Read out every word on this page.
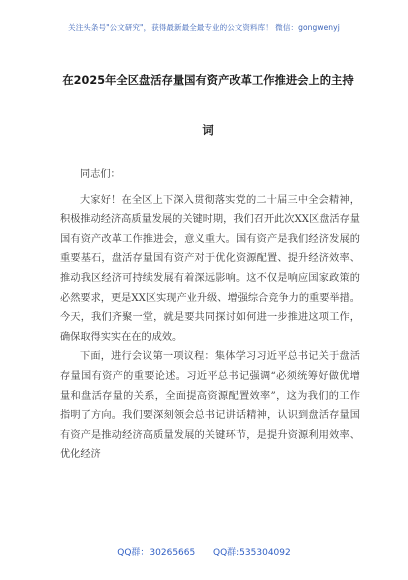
关注头条号"公文研究"，获得最新最全最专业的公文资料库！ 微信：gongwenyj
在2025年全区盘活存量国有资产改革工作推进会上的主持
词

同志们：

大家好！在全区上下深入贯彻落实党的二十届三中全会精神，积极推动经济高质量发展的关键时期，我们召开此次XX区盘活存量国有资产改革工作推进会，意义重大。国有资产是我们经济发展的重要基石，盘活存量国有资产对于优化资源配置、提升经济效率、推动我区经济可持续发展有着深远影响。这不仅是响应国家政策的必然要求，更是XX区实现产业升级、增强综合竞争力的重要举措。今天，我们齐聚一堂，就是要共同探讨如何进一步推进这项工作，确保取得实实在在的成效。

下面，进行会议第一项议程：集体学习习近平总书记关于盘活存量国有资产的重要论述。习近平总书记强调“必须统筹好做优增量和盘活存量的关系，全面提高资源配置效率”，这为我们的工作指明了方向。我们要深刻领会总书记讲话精神，认识到盘活存量国有资产是推动经济高质量发展的关键环节，是提升资源利用效率、优化经济

QQ群：30265665 QQ群:535304092
